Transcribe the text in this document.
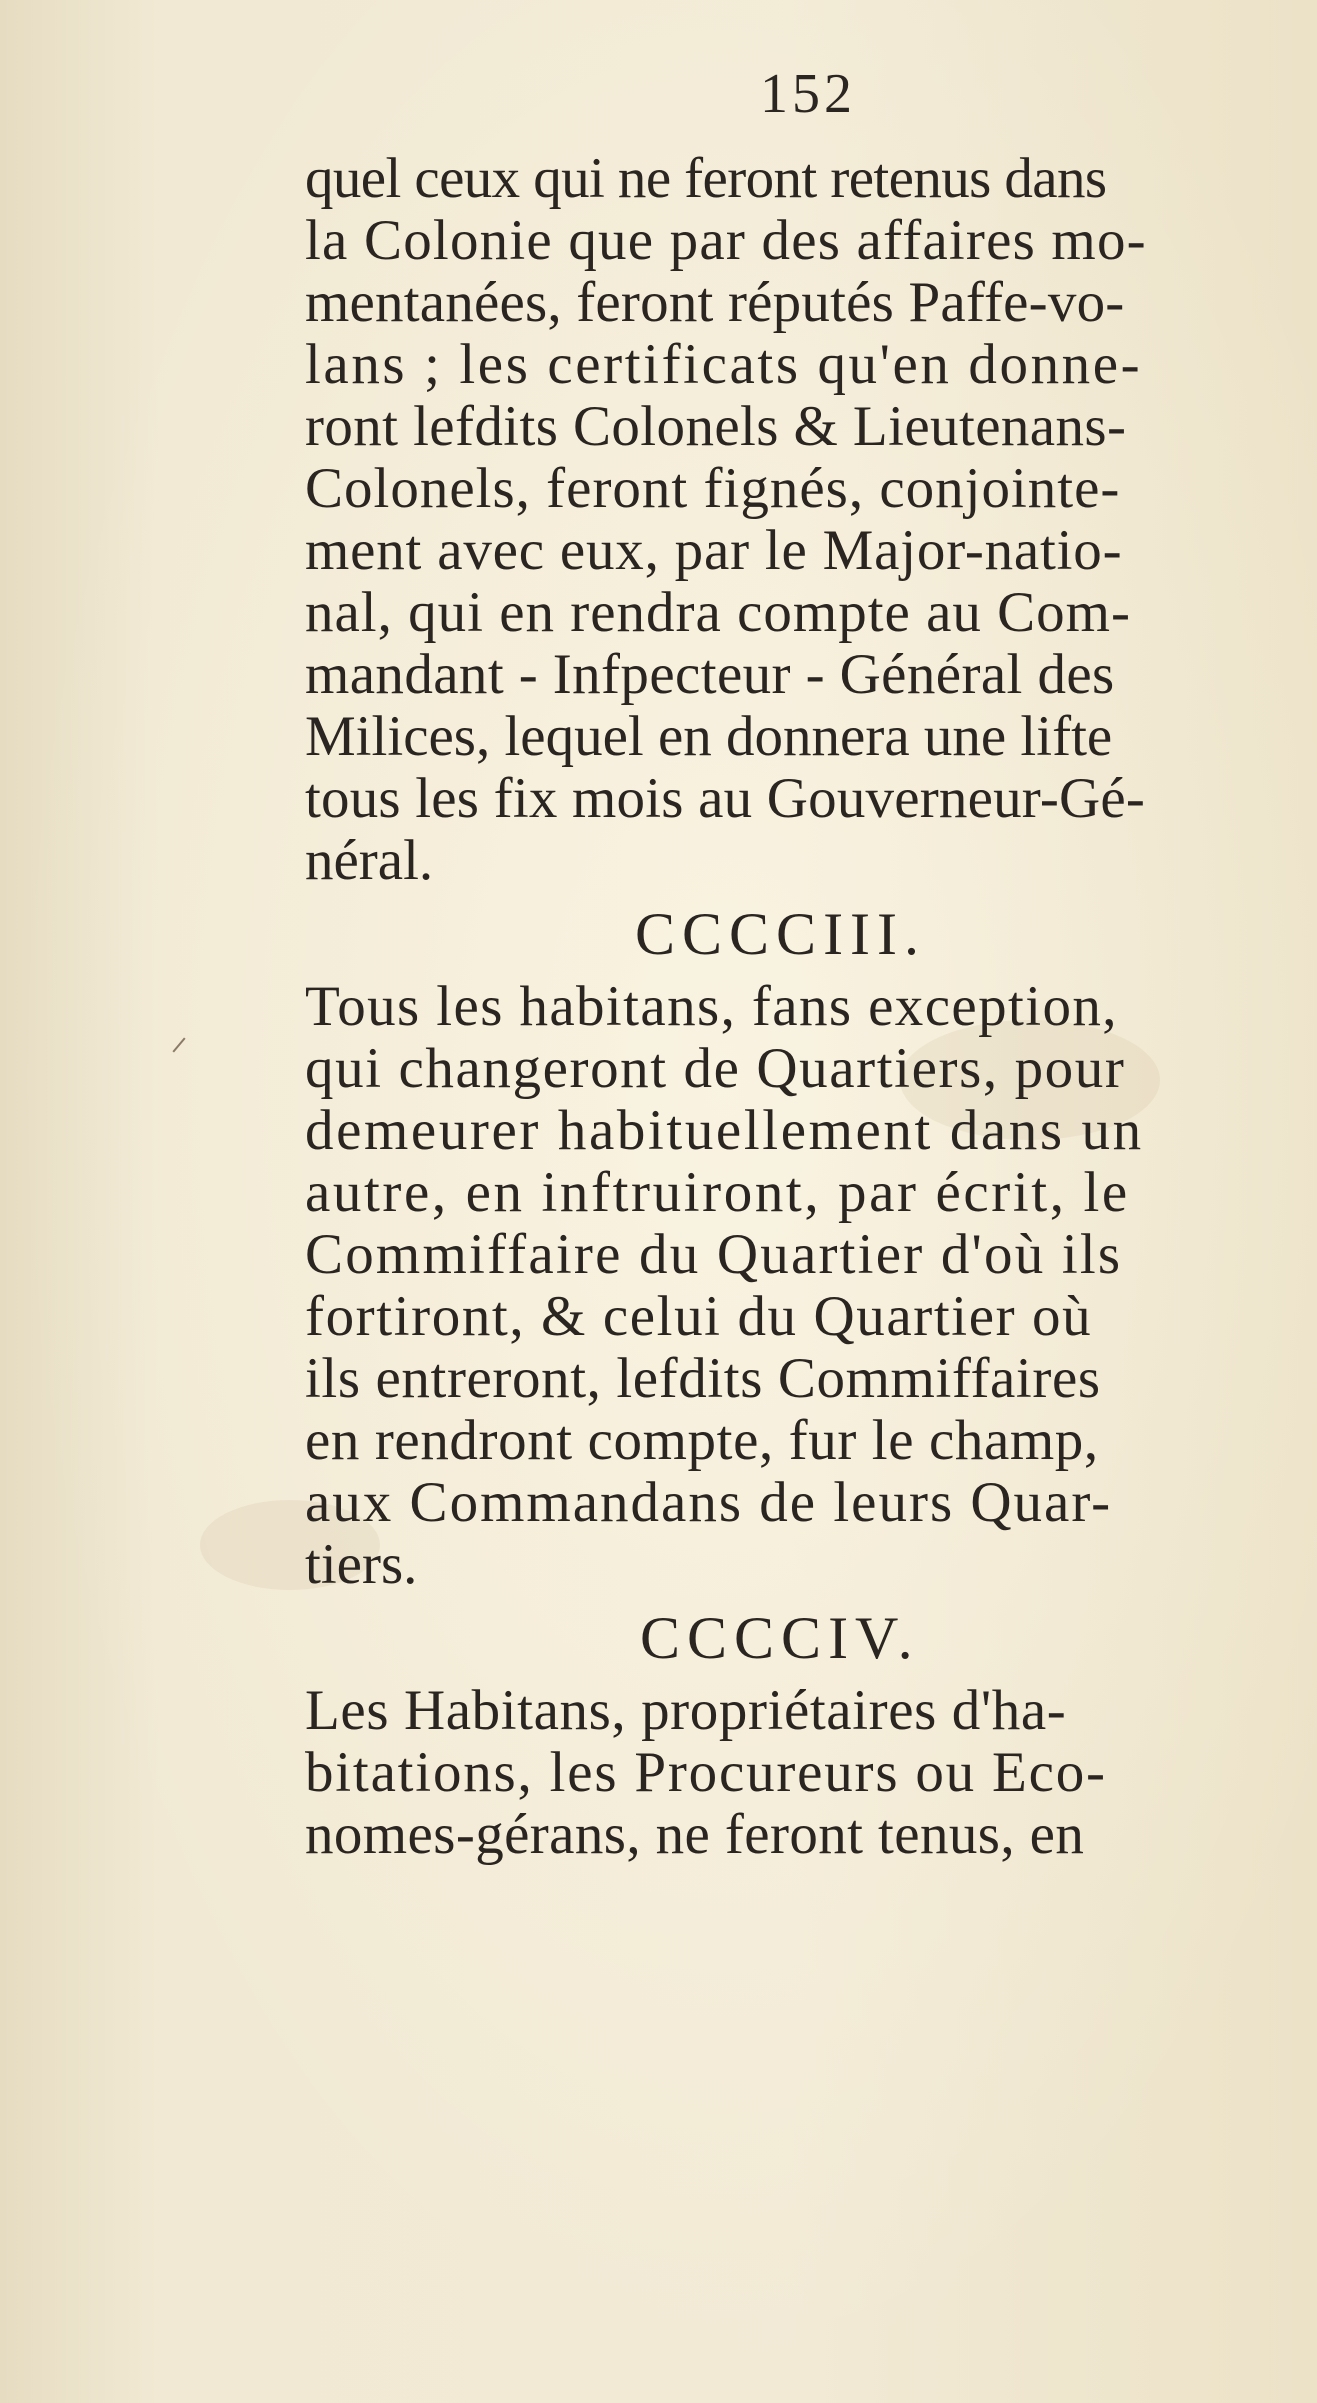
152
quel ceux qui ne feront retenus dans
la Colonie que par des affaires mo-
mentanées, feront réputés Paffe-vo-
lans ; les certificats qu'en donne-
ront lefdits Colonels & Lieutenans-
Colonels, feront fignés, conjointe-
ment avec eux, par le Major-natio-
nal, qui en rendra compte au Com-
mandant - Infpecteur - Général des
Milices, lequel en donnera une lifte
tous les fix mois au Gouverneur-Gé-
néral.
CCCCIII.
Tous les habitans, fans exception,
qui changeront de Quartiers, pour
demeurer habituellement dans un
autre, en inftruiront, par écrit, le
Commiffaire du Quartier d'où ils
fortiront, & celui du Quartier où
ils entreront, lefdits Commiffaires
en rendront compte, fur le champ,
aux Commandans de leurs Quar-
tiers.
CCCCIV.
Les Habitans, propriétaires d'ha-
bitations, les Procureurs ou Eco-
nomes-gérans, ne feront tenus, en
